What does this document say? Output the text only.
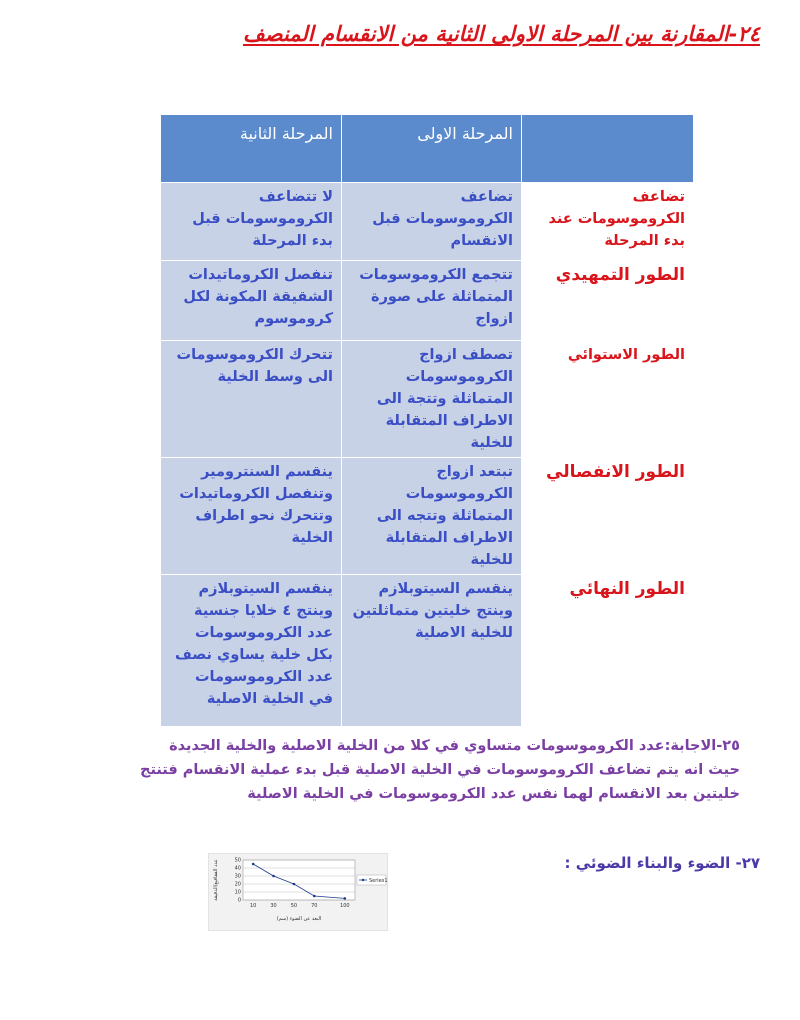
٢٤-المقارنة بين المرحلة الاولى الثانية من الانقسام المنصف
	المرحلة الاولى	المرحلة الثانية
تضاعف الكروموسومات عند بدء المرحلة	تضاعف الكروموسومات قبل الانقسام	لا تتضاعف الكروموسومات قبل بدء المرحلة
الطور التمهيدي	تتجمع الكروموسومات المتماثلة على صورة ازواج	تنفصل الكروماتيدات الشقيقة المكونة لكل كروموسوم
الطور الاستوائي	تصطف ازواج الكروموسومات المتماثلة وتتجة الى الاطراف المتقابلة للخلية	تتحرك الكروموسومات الى وسط الخلية
الطور الانفصالي	تبتعد ازواج الكروموسومات المتماثلة وتتجه الى الاطراف المتقابلة للخلية	ينقسم السنترومير وتنفصل الكروماتيدات وتتحرك نحو اطراف الخلية
الطور النهائي	ينقسم السيتوبلازم وينتج خليتين متماثلتين للخلية الاصلية	ينقسم السيتوبلازم وينتج ٤ خلايا جنسية عدد الكروموسومات بكل خلية يساوي نصف عدد الكروموسومات في الخلية الاصلية
٢٥-الاجابة:عدد الكروموسومات متساوي في كلا من الخلية الاصلية والخلية الجديدة
حيث انه يتم تضاعف الكروموسومات في الخلية الاصلية قبل بدء عملية الانقسام فتنتج
خليتين بعد الانقسام لهما نفس عدد الكروموسومات في الخلية الاصلية
٢٧- الضوء والبناء الضوئي :
عدد الفقاقيع/الدقيقة
البعد عن الضوء (سم)
Series1
0
10
20
30
40
50
10	30	50	70	100
